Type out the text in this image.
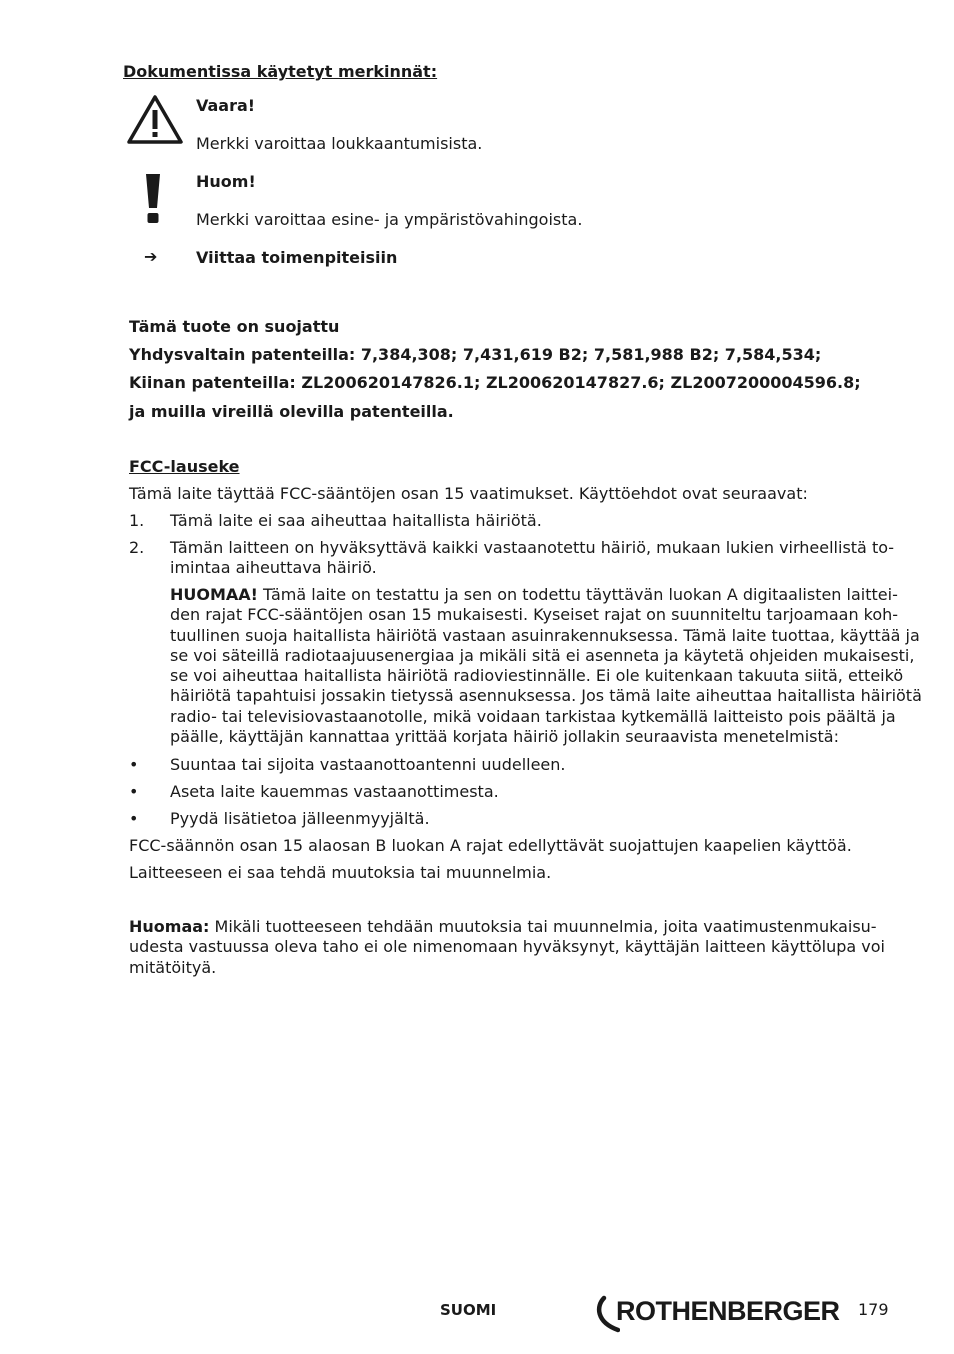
Dokumentissa käytetyt merkinnät:
Vaara!
Merkki varoittaa loukkaantumisista.
Huom!
Merkki varoittaa esine- ja ympäristövahingoista.
➔ Viittaa toimenpiteisiin
Tämä tuote on suojattu
Yhdysvaltain patenteilla: 7,384,308; 7,431,619 B2; 7,581,988 B2; 7,584,534;
Kiinan patenteilla: ZL200620147826.1; ZL200620147827.6; ZL2007200004596.8;
ja muilla vireillä olevilla patenteilla.
FCC-lauseke
Tämä laite täyttää FCC-sääntöjen osan 15 vaatimukset. Käyttöehdot ovat seuraavat:
1. Tämä laite ei saa aiheuttaa haitallista häiriötä.
2. Tämän laitteen on hyväksyttävä kaikki vastaanotettu häiriö, mukaan lukien virheellistä to-
imintaa aiheuttava häiriö.
HUOMAA! Tämä laite on testattu ja sen on todettu täyttävän luokan A digitaalisten laittei-
den rajat FCC-sääntöjen osan 15 mukaisesti. Kyseiset rajat on suunniteltu tarjoamaan koh-
tuullinen suoja haitallista häiriötä vastaan asuinrakennuksessa. Tämä laite tuottaa, käyttää ja
se voi säteillä radiotaajuusenergiaa ja mikäli sitä ei asenneta ja käytetä ohjeiden mukaisesti,
se voi aiheuttaa haitallista häiriötä radioviestinnälle. Ei ole kuitenkaan takuuta siitä, etteikö
häiriötä tapahtuisi jossakin tietyssä asennuksessa. Jos tämä laite aiheuttaa haitallista häiriötä
radio- tai televisiovastaanotolle, mikä voidaan tarkistaa kytkemällä laitteisto pois päältä ja
päälle, käyttäjän kannattaa yrittää korjata häiriö jollakin seuraavista menetelmistä:
• Suuntaa tai sijoita vastaanottoantenni uudelleen.
• Aseta laite kauemmas vastaanottimesta.
• Pyydä lisätietoa jälleenmyyjältä.
FCC-säännön osan 15 alaosan B luokan A rajat edellyttävät suojattujen kaapelien käyttöä.
Laitteeseen ei saa tehdä muutoksia tai muunnelmia.
Huomaa: Mikäli tuotteeseen tehdään muutoksia tai muunnelmia, joita vaatimustenmukaisu-
udesta vastuussa oleva taho ei ole nimenomaan hyväksynyt, käyttäjän laitteen käyttölupa voi
mitätöityä.
SUOMI	ROTHENBERGER 179
